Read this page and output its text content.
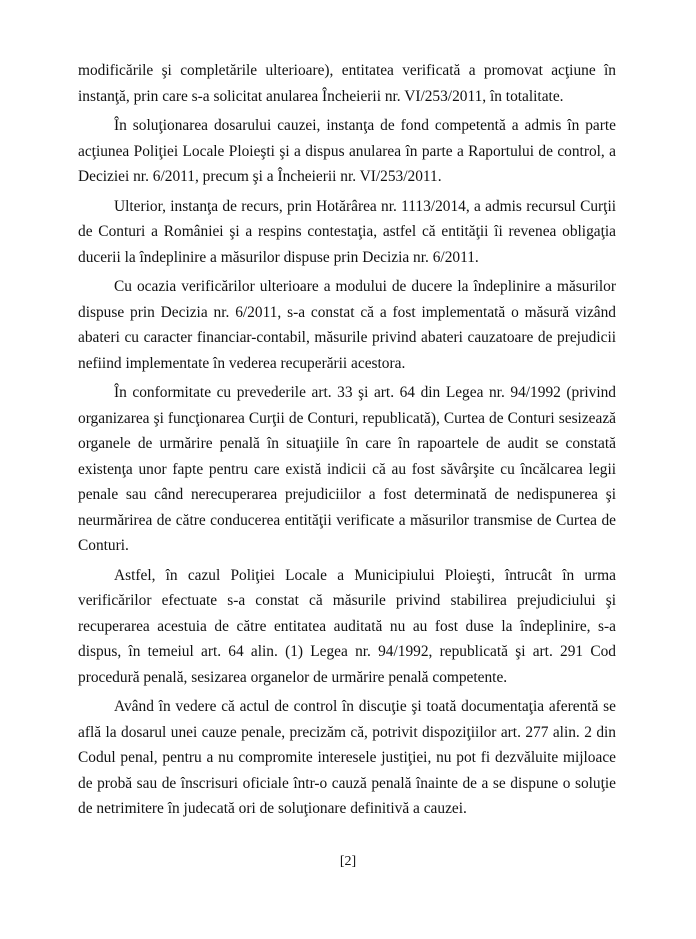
modificările şi completările ulterioare), entitatea verificată a promovat acţiune în instanţă, prin care s-a solicitat anularea Încheierii nr. VI/253/2011, în totalitate.

În soluţionarea dosarului cauzei, instanţa de fond competentă a admis în parte acţiunea Poliţiei Locale Ploieşti şi a dispus anularea în parte a Raportului de control, a Deciziei nr. 6/2011, precum şi a Încheierii nr. VI/253/2011.

Ulterior, instanţa de recurs, prin Hotărârea nr. 1113/2014, a admis recursul Curţii de Conturi a României şi a respins contestaţia, astfel că entităţii îi revenea obligaţia ducerii la îndeplinire a măsurilor dispuse prin Decizia nr. 6/2011.

Cu ocazia verificărilor ulterioare a modului de ducere la îndeplinire a măsurilor dispuse prin Decizia nr. 6/2011, s-a constat că a fost implementată o măsură vizând abateri cu caracter financiar-contabil, măsurile privind abateri cauzatoare de prejudicii nefiind implementate în vederea recuperării acestora.

În conformitate cu prevederile art. 33 şi art. 64 din Legea nr. 94/1992 (privind organizarea şi funcţionarea Curţii de Conturi, republicată), Curtea de Conturi sesizează organele de urmărire penală în situaţiile în care în rapoartele de audit se constată existenţa unor fapte pentru care există indicii că au fost săvârşite cu încălcarea legii penale sau când nerecuperarea prejudiciilor a fost determinată de nedispunerea şi neurmărirea de către conducerea entităţii verificate a măsurilor transmise de Curtea de Conturi.

Astfel, în cazul Poliţiei Locale a Municipiului Ploieşti, întrucât în urma verificărilor efectuate s-a constat că măsurile privind stabilirea prejudiciului şi recuperarea acestuia de către entitatea auditată nu au fost duse la îndeplinire, s-a dispus, în temeiul art. 64 alin. (1) Legea nr. 94/1992, republicată şi art. 291 Cod procedură penală, sesizarea organelor de urmărire penală competente.

Având în vedere că actul de control în discuţie şi toată documentaţia aferentă se află la dosarul unei cauze penale, precizăm că, potrivit dispoziţiilor art. 277 alin. 2 din Codul penal, pentru a nu compromite interesele justiţiei, nu pot fi dezvăluite mijloace de probă sau de înscrisuri oficiale într-o cauză penală înainte de a se dispune o soluţie de netrimitere în judecată ori de soluţionare definitivă a cauzei.

[2]
